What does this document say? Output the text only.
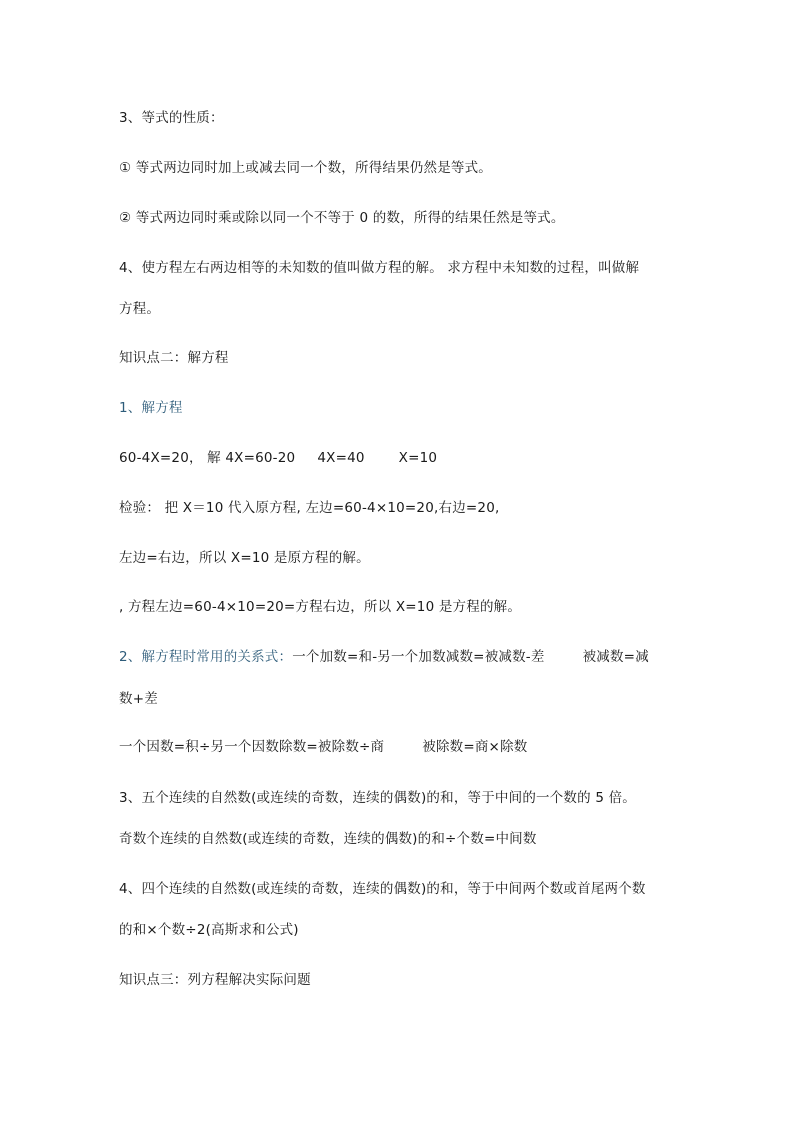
3、等式的性质：
① 等式两边同时加上或减去同一个数，所得结果仍然是等式。
② 等式两边同时乘或除以同一个不等于 0 的数，所得的结果任然是等式。
4、使方程左右两边相等的未知数的值叫做方程的解。 求方程中未知数的过程，叫做解
方程。
知识点二：解方程
1、解方程
60-4X=20， 解 4X=60-20 4X=40	X=10
检验： 把 X＝10 代入原方程, 左边=60-4×10=20,右边=20,
左边=右边，所以 X=10 是原方程的解。
, 方程左边=60-4×10=20=方程右边，所以 X=10 是方程的解。
2、解方程时常用的关系式：一个加数=和-另一个加数减数=被减数-差	被减数=减
数+差
一个因数=积÷另一个因数除数=被除数÷商	被除数=商×除数
3、五个连续的自然数(或连续的奇数，连续的偶数)的和，等于中间的一个数的 5 倍。
奇数个连续的自然数(或连续的奇数，连续的偶数)的和÷个数=中间数
4、四个连续的自然数(或连续的奇数，连续的偶数)的和，等于中间两个数或首尾两个数
的和×个数÷2(高斯求和公式)
知识点三：列方程解决实际问题
